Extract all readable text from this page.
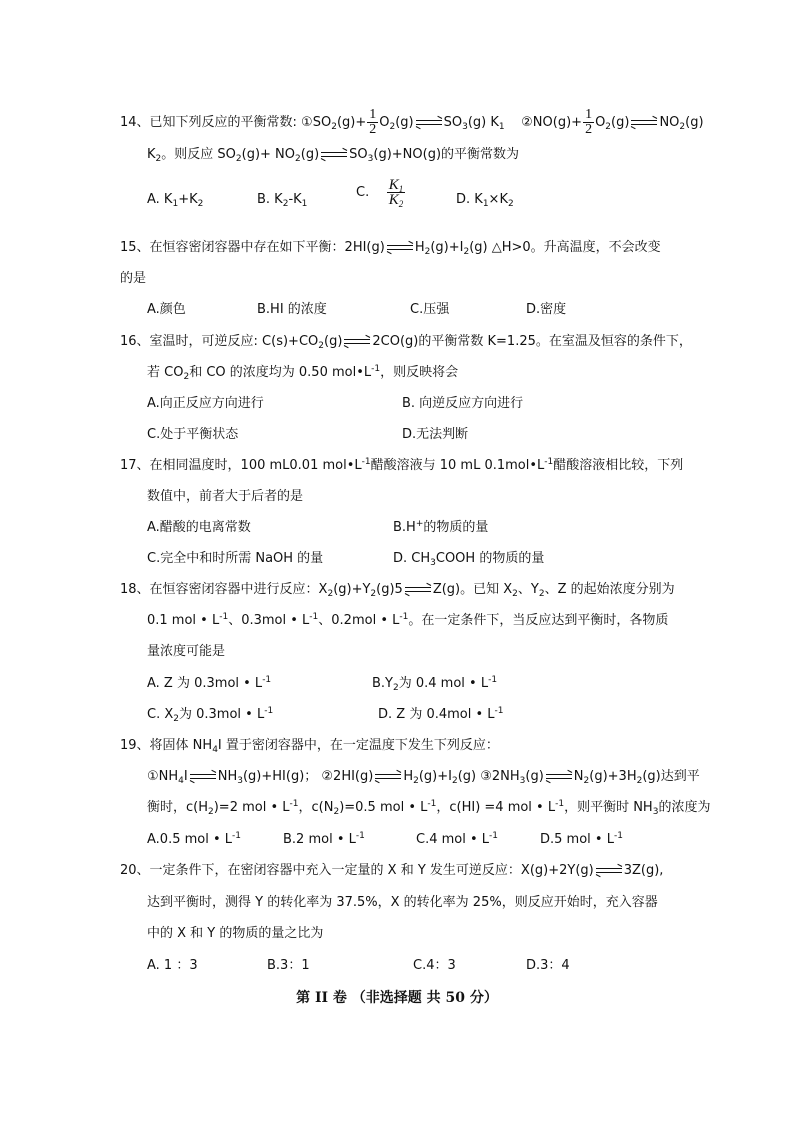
14、已知下列反应的平衡常数: $①SO_2(g)+ \frac{1}{2} O_2(g)$ $SO_3(g)$ $K_1$ ②NO(g)+ $\frac{1}{2} O_2(g)$ $NO_2(g)$
$K_2$。则反应 $SO_2(g)+ NO_2(g)$ $SO_3(g)+NO(g)$的平衡常数为
A. $K_1+K_2$	B. $K_2-K_1$
C. $\frac{K_1}{K_2}$	D. $K_1\times K_2$
15、在恒容密闭容器中存在如下平衡：2HI(g) $H_2(g)+I_2(g)$ △H>0。升高温度，不会改变
的是
A.颜色	B.HI 的浓度	C.压强	D.密度
16、室温时，可逆反应: $C(s)+CO_2(g)$ 2CO(g)的平衡常数 K=1.25。在室温及恒容的条件下，
若 $CO_2$和 CO 的浓度均为 0.50 $mol•L^{-1}$，则反映将会
A.向正反应方向进行	B. 向逆反应方向进行
C.处于平衡状态	D.无法判断
17、在相同温度时，100 mL0.01 $mol•L^{-1}$醋酸溶液与 10 mL $0.1mol•L^{-1}$醋酸溶液相比较，下列
数值中，前者大于后者的是
A.醋酸的电离常数	B.H+的物质的量
C.完全中和时所需 NaOH 的量	D. $CH_3COOH$ 的物质的量
18、在恒容密闭容器中进行反应：$X_2(g)+Y_2(g)5$ Z(g)。已知 $X_2$、$Y_2$、Z 的起始浓度分别为
0.1 mol • $L^{-1}$、0.3mol • $L^{-1}$、0.2mol • $L^{-1}$。在一定条件下，当反应达到平衡时，各物质
量浓度可能是
A. Z 为 0.3mol • $L^{-1}$	$B.Y_2$为 0.4 mol • $L^{-1}$
C. $X_2$为 0.3mol • $L^{-1}$	D. Z 为 0.4mol • $L^{-1}$
19、将固体 $NH_4I$ 置于密闭容器中，在一定温度下发生下列反应：
$①NH_4I$ $NH_3(g)+HI(g)$； ②2HI(g) $H_2(g)+I_2(g)$ $③2NH_3(g)$ $N_2(g)+3H_2(g)$达到平
衡时，$c(H_2)=2$ mol • $L^{-1}$，$c(N_2)=0.5$ mol • $L^{-1}$，c(HI) =4 mol • $L^{-1}$，则平衡时 $NH_3$的浓度为
A.0.5 mol • $L^{-1}$	B.2 mol • $L^{-1}$	C.4 mol • $L^{-1}$	D.5 mol • $L^{-1}$
20、一定条件下，在密闭容器中充入一定量的 X 和 Y 发生可逆反应：X(g)+2Y(g) 3Z(g),
达到平衡时，测得 Y 的转化率为 37.5%，X 的转化率为 25%，则反应开始时，充入容器
中的 X 和 Y 的物质的量之比为
A. 1 ：3	B.3：1	C.4：3	D.3：4
第 II 卷 （非选择题 共 50 分）
